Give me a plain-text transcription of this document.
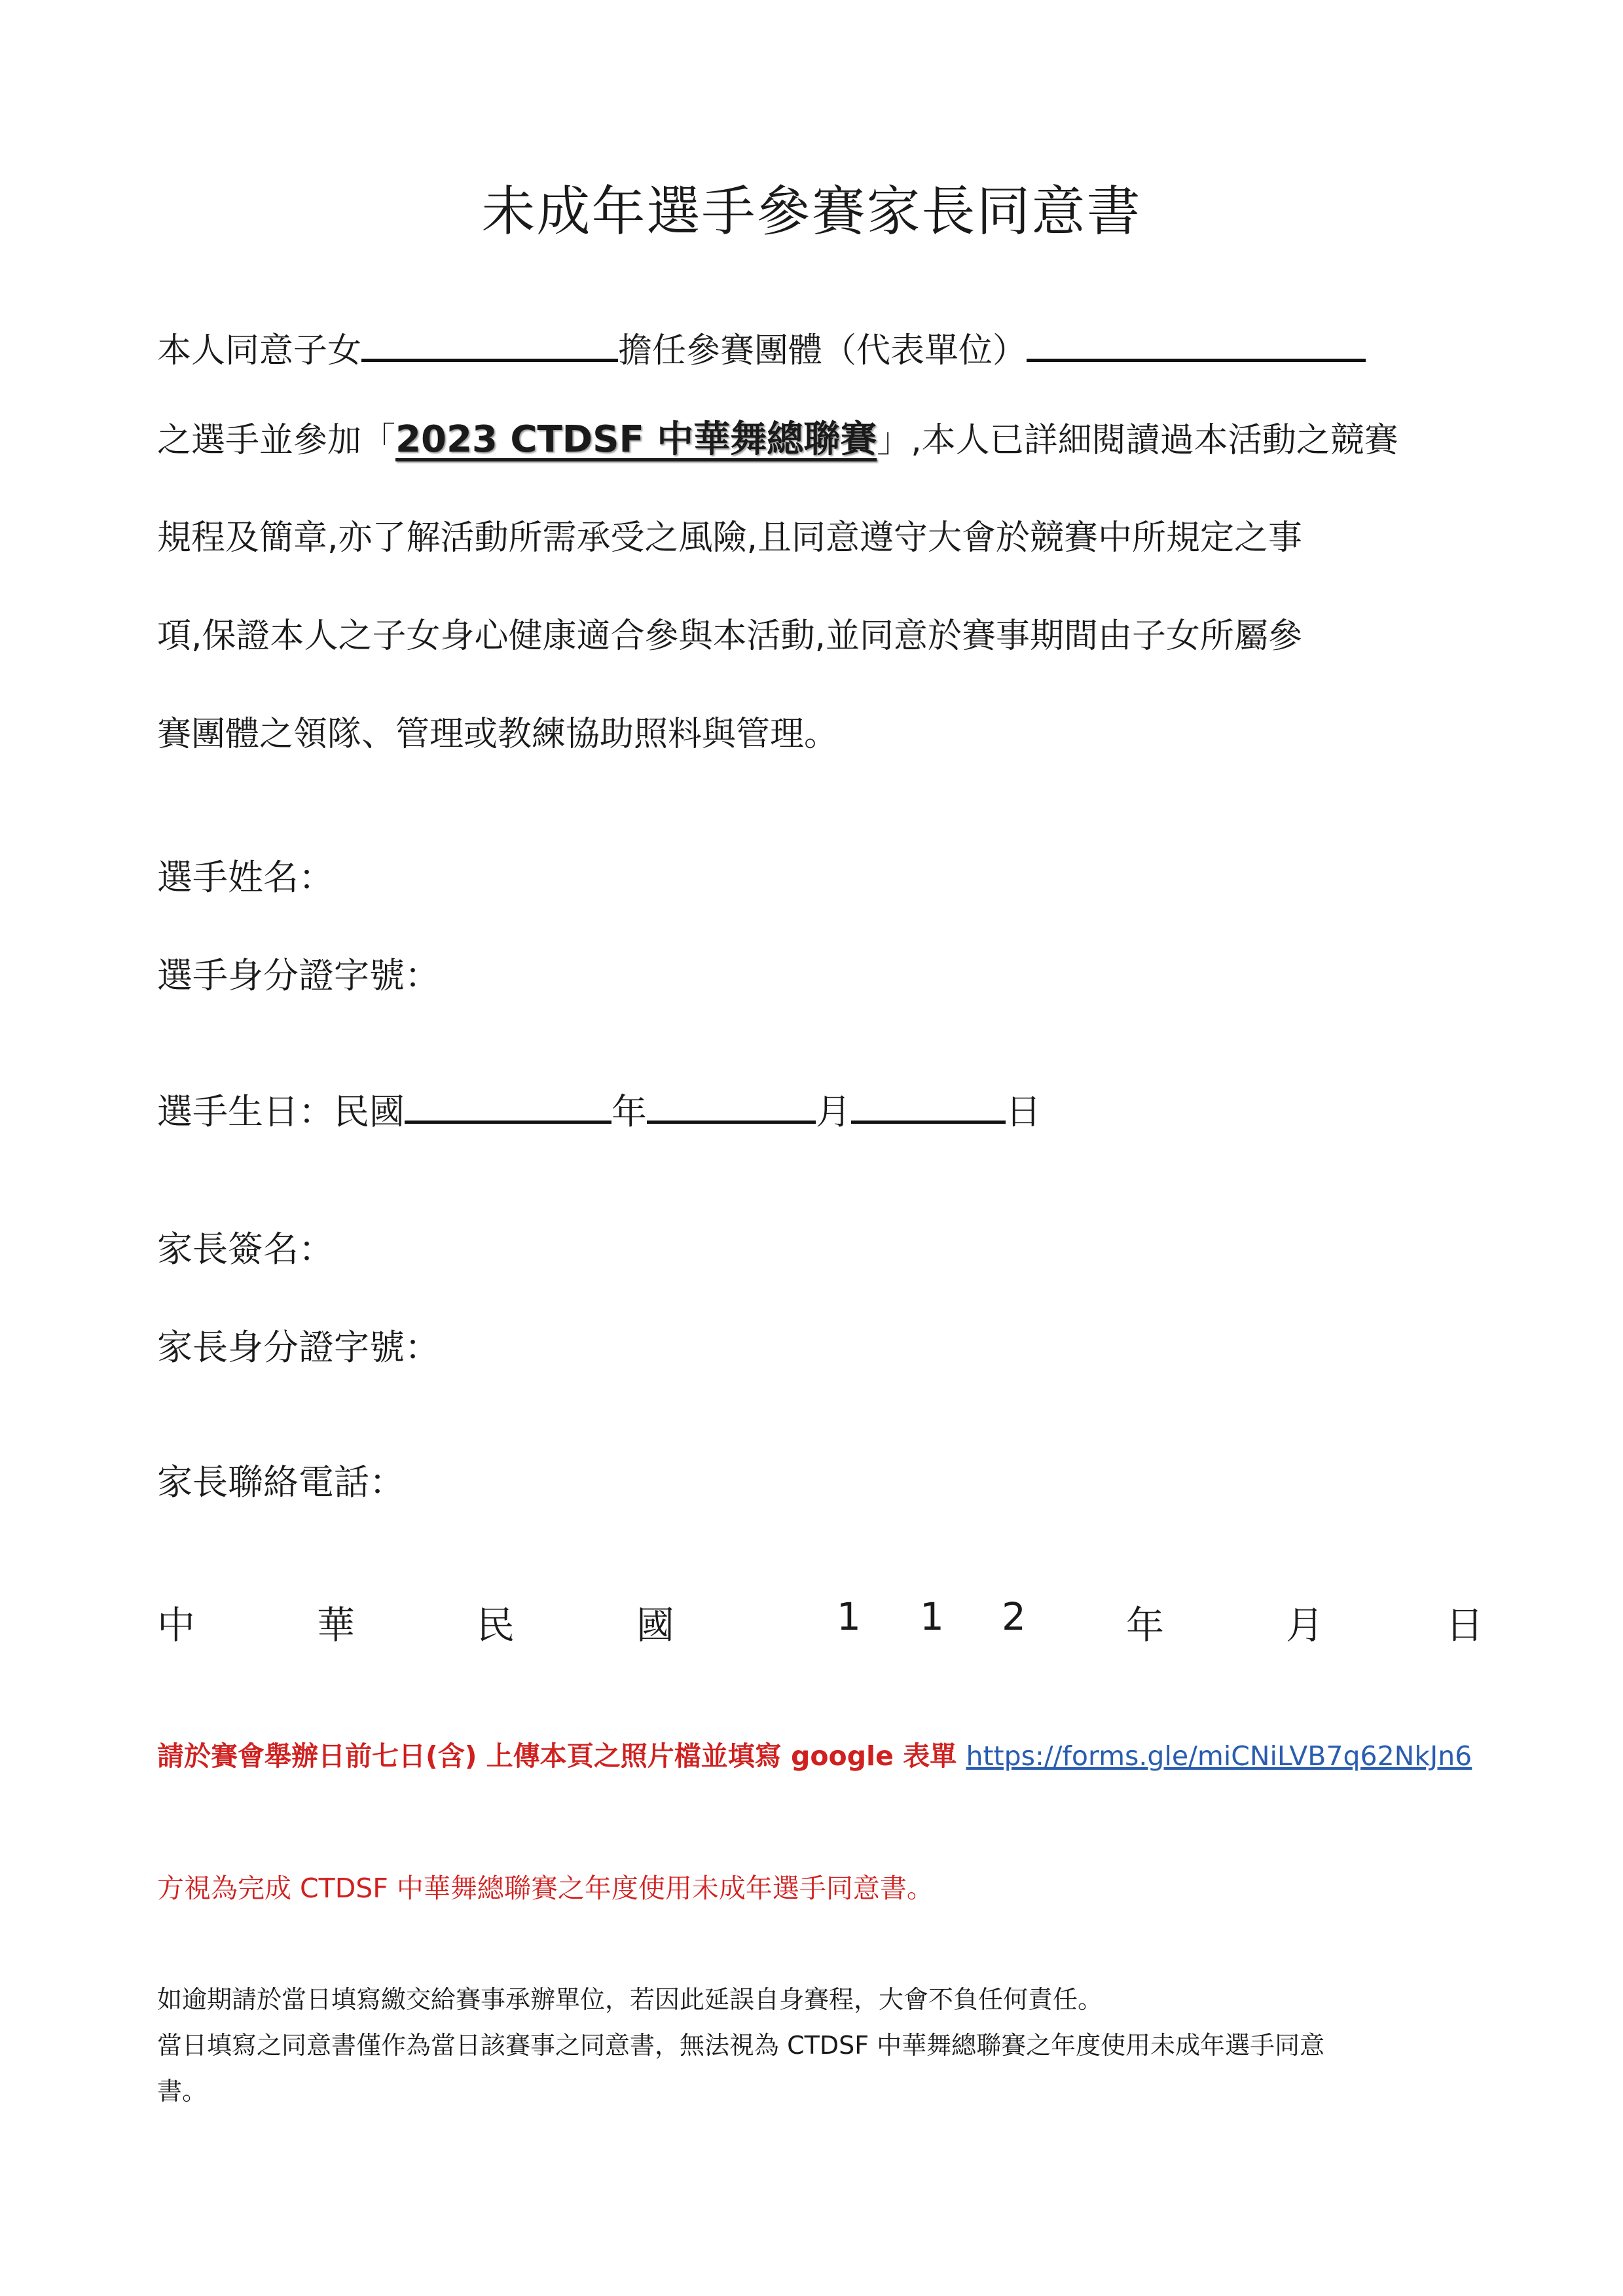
未成年選手參賽家長同意書
本人同意子女	擔任參賽團體（代表單位）
之選手並參加「2023 CTDSF 中華舞總聯賽」,本人已詳細閱讀過本活動之競賽
規程及簡章,亦了解活動所需承受之風險,且同意遵守大會於競賽中所規定之事
項,保證本人之子女身心健康適合參與本活動,並同意於賽事期間由子女所屬參
賽團體之領隊、管理或教練協助照料與管理。
選手姓名：
選手身分證字號：
選手生日：民國	年	月	日
家長簽名：
家長身分證字號：
家長聯絡電話：
中	華	民	國	1 1 2	年	月	日
請於賽會舉辦日前七日(含) 上傳本頁之照片檔並填寫 google 表單 https://forms.gle/miCNiLVB7q62NkJn6
方視為完成 CTDSF 中華舞總聯賽之年度使用未成年選手同意書。
如逾期請於當日填寫繳交給賽事承辦單位，若因此延誤自身賽程，大會不負任何責任。
當日填寫之同意書僅作為當日該賽事之同意書，無法視為 CTDSF 中華舞總聯賽之年度使用未成年選手同意
書。
